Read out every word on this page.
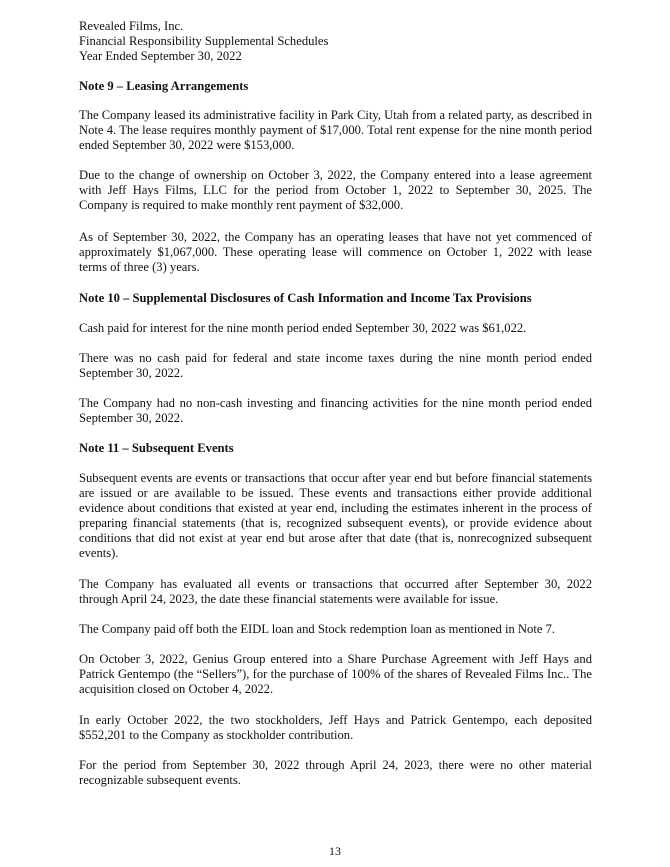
Revealed Films, Inc.
Financial Responsibility Supplemental Schedules
Year Ended September 30, 2022
Note 9 – Leasing Arrangements
The Company leased its administrative facility in Park City, Utah from a related party, as described in Note 4. The lease requires monthly payment of $17,000. Total rent expense for the nine month period ended September 30, 2022 were $153,000.
Due to the change of ownership on October 3, 2022, the Company entered into a lease agreement with Jeff Hays Films, LLC for the period from October 1, 2022 to September 30, 2025. The Company is required to make monthly rent payment of $32,000.
As of September 30, 2022, the Company has an operating leases that have not yet commenced of approximately $1,067,000. These operating lease will commence on October 1, 2022 with lease terms of three (3) years.
Note 10 – Supplemental Disclosures of Cash Information and Income Tax Provisions
Cash paid for interest for the nine month period ended September 30, 2022 was $61,022.
There was no cash paid for federal and state income taxes during the nine month period ended September 30, 2022.
The Company had no non-cash investing and financing activities for the nine month period ended September 30, 2022.
Note 11 – Subsequent Events
Subsequent events are events or transactions that occur after year end but before financial statements are issued or are available to be issued. These events and transactions either provide additional evidence about conditions that existed at year end, including the estimates inherent in the process of preparing financial statements (that is, recognized subsequent events), or provide evidence about conditions that did not exist at year end but arose after that date (that is, nonrecognized subsequent events).
The Company has evaluated all events or transactions that occurred after September 30, 2022 through April 24, 2023, the date these financial statements were available for issue.
The Company paid off both the EIDL loan and Stock redemption loan as mentioned in Note 7.
On October 3, 2022, Genius Group entered into a Share Purchase Agreement with Jeff Hays and Patrick Gentempo (the “Sellers”), for the purchase of 100% of the shares of Revealed Films Inc.. The acquisition closed on October 4, 2022.
In early October 2022, the two stockholders, Jeff Hays and Patrick Gentempo, each deposited $552,201 to the Company as stockholder contribution.
For the period from September 30, 2022 through April 24, 2023, there were no other material recognizable subsequent events.
13
